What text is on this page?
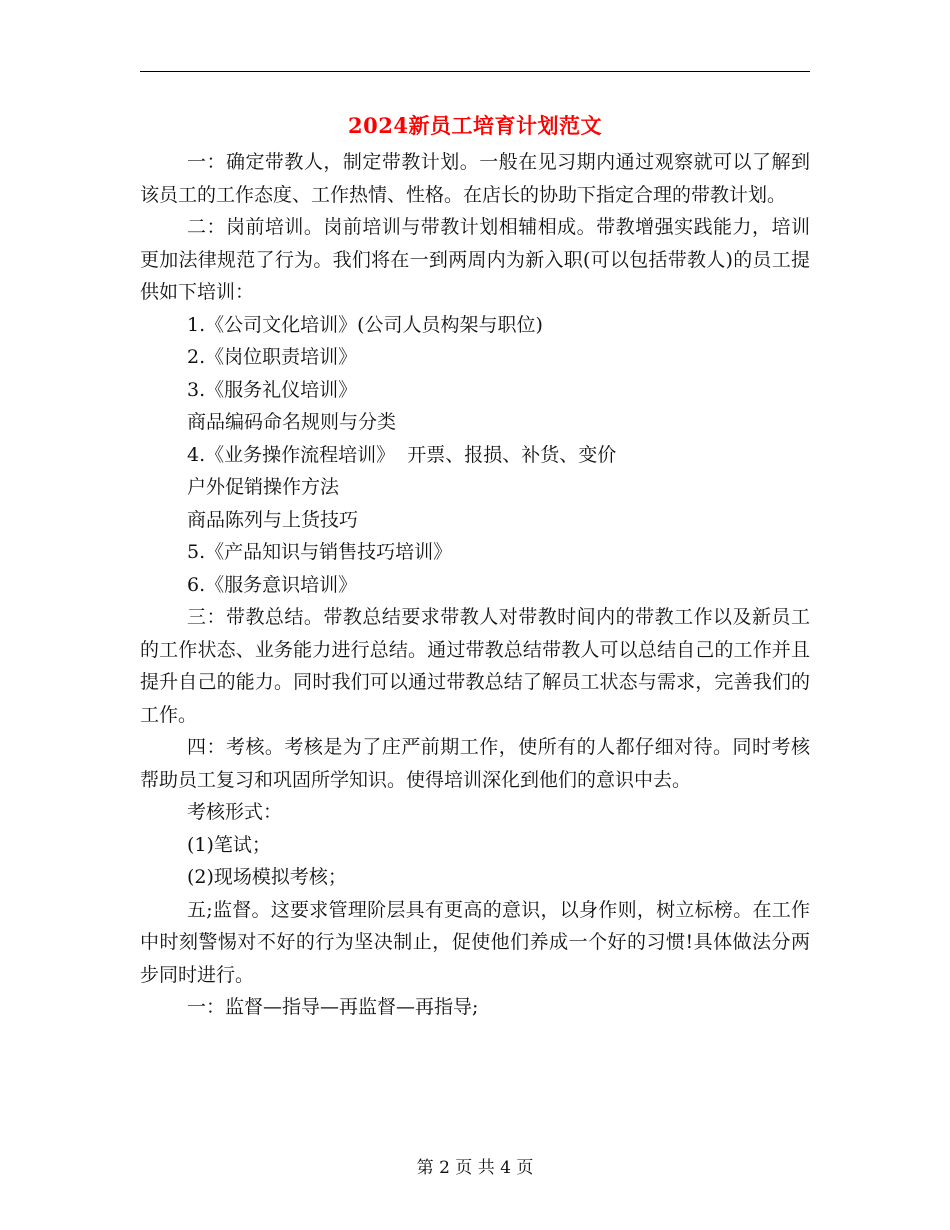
2024新员工培育计划范文

一：确定带教人，制定带教计划。一般在见习期内通过观察就可以了解到该员工的工作态度、工作热情、性格。在店长的协助下指定合理的带教计划。

二：岗前培训。岗前培训与带教计划相辅相成。带教增强实践能力，培训更加法律规范了行为。我们将在一到两周内为新入职(可以包括带教人)的员工提供如下培训：

1.《公司文化培训》(公司人员构架与职位)

2.《岗位职责培训》

3.《服务礼仪培训》

商品编码命名规则与分类

4.《业务操作流程培训》  开票、报损、补货、变价

户外促销操作方法

商品陈列与上货技巧

5.《产品知识与销售技巧培训》

6.《服务意识培训》

三：带教总结。带教总结要求带教人对带教时间内的带教工作以及新员工的工作状态、业务能力进行总结。通过带教总结带教人可以总结自己的工作并且提升自己的能力。同时我们可以通过带教总结了解员工状态与需求，完善我们的工作。

四：考核。考核是为了庄严前期工作，使所有的人都仔细对待。同时考核帮助员工复习和巩固所学知识。使得培训深化到他们的意识中去。

考核形式：

(1)笔试；

(2)现场模拟考核；

五;监督。这要求管理阶层具有更高的意识，以身作则，树立标榜。在工作中时刻警惕对不好的行为坚决制止，促使他们养成一个好的习惯!具体做法分两步同时进行。

一：监督—指导—再监督—再指导;

第 2 页 共 4 页
